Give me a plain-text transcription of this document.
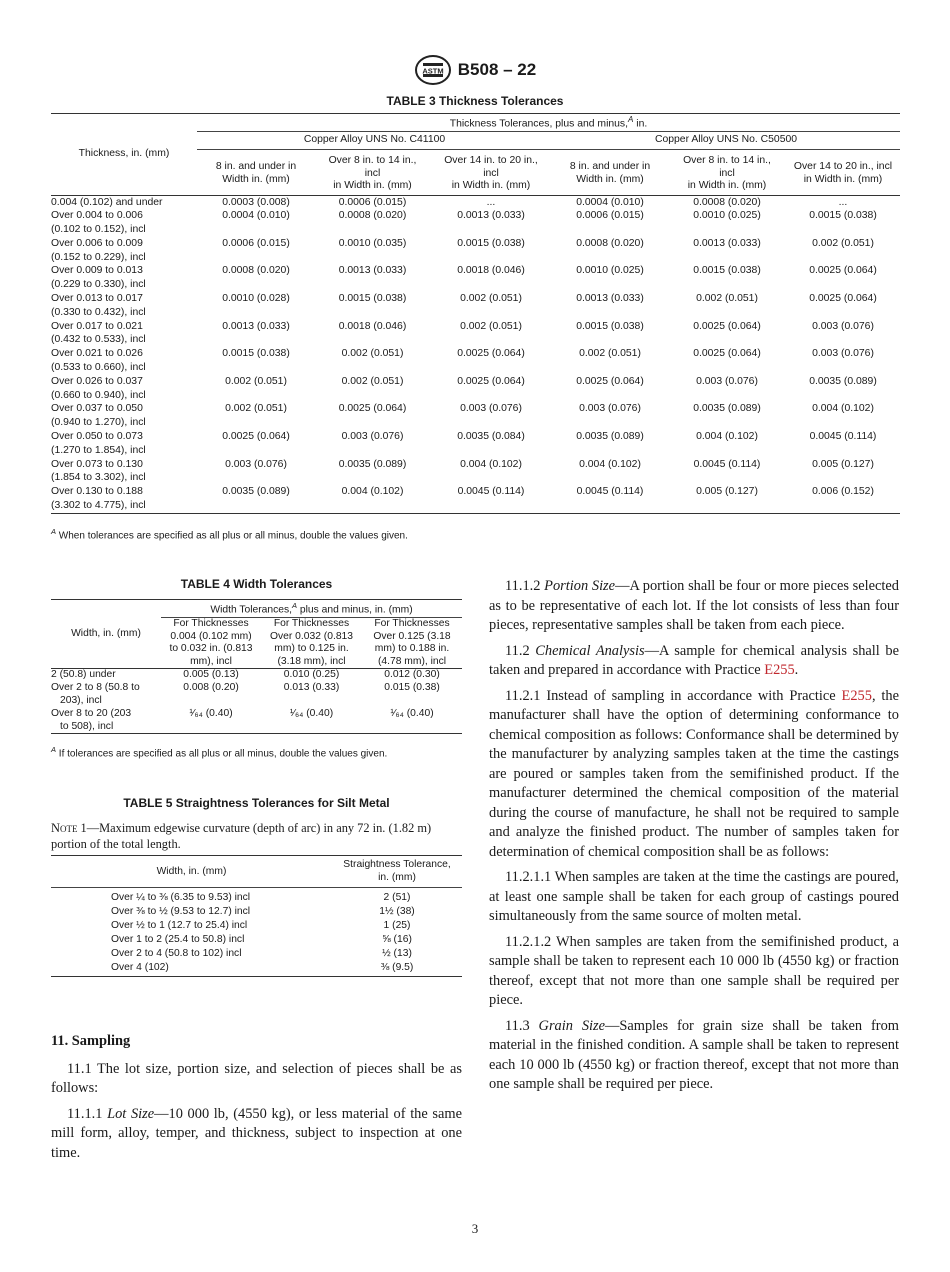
ASTM B508 – 22
TABLE 3 Thickness Tolerances
Thickness, in. (mm)	Thickness Tolerances, plus and minus,$^A$ in.					
	Copper Alloy UNS No. C41100			Copper Alloy UNS No. C50500		
	8 in. and under in
Width in. (mm)	Over 8 in. to 14 in.,
incl
in Width in. (mm)	Over 14 in. to 20 in.,
incl
in Width in. (mm)	8 in. and under in
Width in. (mm)	Over 8 in. to 14 in.,
incl
in Width in. (mm)	Over 14 to 20 in., incl
in Width in. (mm)

0.004 (0.102) and under	0.0003 (0.008)	0.0006 (0.015)	...	0.0004 (0.010)	0.0008 (0.020)	...

Over 0.004 to 0.006
(0.102 to 0.152), incl	0.0004 (0.010)	0.0008 (0.020)	0.0013 (0.033)	0.0006 (0.015)	0.0010 (0.025)	0.0015 (0.038)

Over 0.006 to 0.009
(0.152 to 0.229), incl	0.0006 (0.015)	0.0010 (0.035)	0.0015 (0.038)	0.0008 (0.020)	0.0013 (0.033)	0.002 (0.051)

Over 0.009 to 0.013
(0.229 to 0.330), incl	0.0008 (0.020)	0.0013 (0.033)	0.0018 (0.046)	0.0010 (0.025)	0.0015 (0.038)	0.0025 (0.064)

Over 0.013 to 0.017
(0.330 to 0.432), incl	0.0010 (0.028)	0.0015 (0.038)	0.002 (0.051)	0.0013 (0.033)	0.002 (0.051)	0.0025 (0.064)

Over 0.017 to 0.021
(0.432 to 0.533), incl	0.0013 (0.033)	0.0018 (0.046)	0.002 (0.051)	0.0015 (0.038)	0.0025 (0.064)	0.003 (0.076)

Over 0.021 to 0.026
(0.533 to 0.660), incl	0.0015 (0.038)	0.002 (0.051)	0.0025 (0.064)	0.002 (0.051)	0.0025 (0.064)	0.003 (0.076)

Over 0.026 to 0.037
(0.660 to 0.940), incl	0.002 (0.051)	0.002 (0.051)	0.0025 (0.064)	0.0025 (0.064)	0.003 (0.076)	0.0035 (0.089)

Over 0.037 to 0.050
(0.940 to 1.270), incl	0.002 (0.051)	0.0025 (0.064)	0.003 (0.076)	0.003 (0.076)	0.0035 (0.089)	0.004 (0.102)

Over 0.050 to 0.073
(1.270 to 1.854), incl	0.0025 (0.064)	0.003 (0.076)	0.0035 (0.084)	0.0035 (0.089)	0.004 (0.102)	0.0045 (0.114)

Over 0.073 to 0.130
(1.854 to 3.302), incl	0.003 (0.076)	0.0035 (0.089)	0.004 (0.102)	0.004 (0.102)	0.0045 (0.114)	0.005 (0.127)

Over 0.130 to 0.188
(3.302 to 4.775), incl	0.0035 (0.089)	0.004 (0.102)	0.0045 (0.114)	0.0045 (0.114)	0.005 (0.127)	0.006 (0.152)
$^A$ When tolerances are specified as all plus or all minus, double the values given.
TABLE 4 Width Tolerances
Width, in. (mm)	Width Tolerances,$^A$ plus and minus, in. (mm)		
	For Thicknesses
0.004 (0.102 mm)
to 0.032 in. (0.813
mm), incl	For Thicknesses
Over 0.032 (0.813
mm) to 0.125 in.
(3.18 mm), incl	For Thicknesses
Over 0.125 (3.18
mm) to 0.188 in.
(4.78 mm), incl

2 (50.8) under	0.005 (0.13)	0.010 (0.25)	0.012 (0.30)

Over 2 to 8 (50.8 to
203), incl	0.008 (0.20)	0.013 (0.33)	0.015 (0.38)

Over 8 to 20 (203
to 508), incl	¹⁄₆₄ (0.40)	¹⁄₆₄ (0.40)	¹⁄₆₄ (0.40)
$^A$ If tolerances are specified as all plus or all minus, double the values given.
TABLE 5 Straightness Tolerances for Silt Metal
Note 1—Maximum edgewise curvature (depth of arc) in any 72 in. (1.82 m) portion of the total length.
Width, in. (mm)	Straightness Tolerance,
in. (mm)
Over ¼ to ⅜ (6.35 to 9.53) incl	2 (51)
Over ⅜ to ½ (9.53 to 12.7) incl	1½ (38)
Over ½ to 1 (12.7 to 25.4) incl	1 (25)
Over 1 to 2 (25.4 to 50.8) incl	⅝ (16)
Over 2 to 4 (50.8 to 102) incl	½ (13)
Over 4 (102)	⅜ (9.5)

11. Sampling

11.1 The lot size, portion size, and selection of pieces shall be as follows:

11.1.1 Lot Size—10 000 lb, (4550 kg), or less material of the same mill form, alloy, temper, and thickness, subject to inspection at one time.

11.1.2 Portion Size—A portion shall be four or more pieces selected as to be representative of each lot. If the lot consists of less than four pieces, representative samples shall be taken from each piece.

11.2 Chemical Analysis—A sample for chemical analysis shall be taken and prepared in accordance with Practice E255.

11.2.1 Instead of sampling in accordance with Practice E255, the manufacturer shall have the option of determining conformance to chemical composition as follows: Conformance shall be determined by the manufacturer by analyzing samples taken at the time the castings are poured or samples taken from the semifinished product. If the manufacturer determined the chemical composition of the material during the course of manufacture, he shall not be required to sample and analyze the finished product. The number of samples taken for determination of chemical composition shall be as follows:

11.2.1.1 When samples are taken at the time the castings are poured, at least one sample shall be taken for each group of castings poured simultaneously from the same source of molten metal.

11.2.1.2 When samples are taken from the semifinished product, a sample shall be taken to represent each 10 000 lb (4550 kg) or fraction thereof, except that not more than one sample shall be required per piece.

11.3 Grain Size—Samples for grain size shall be taken from material in the finished condition. A sample shall be taken to represent each 10 000 lb (4550 kg) or fraction thereof, except that not more than one sample shall be required per piece.

3
